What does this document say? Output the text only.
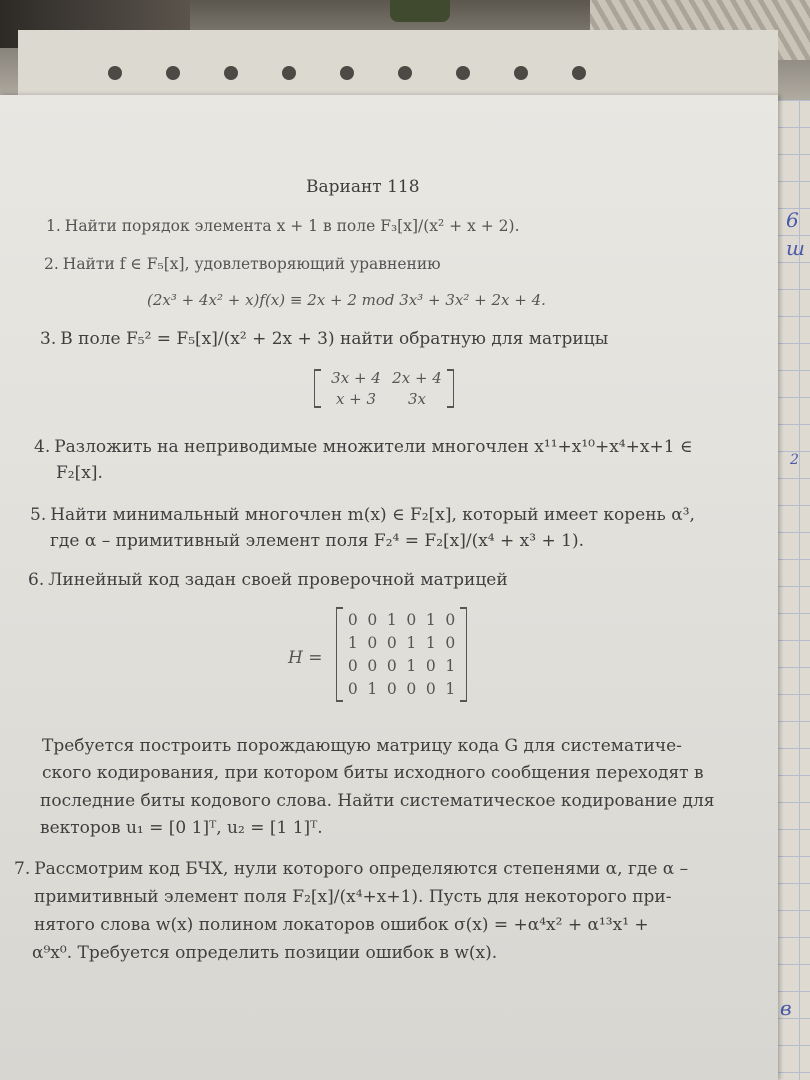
6
ш
2
в
Вариант 118
1. Найти порядок элемента x + 1 в поле F₃[x]/(x² + x + 2).
2. Найти f ∈ F₅[x], удовлетворяющий уравнению
(2x³ + 4x² + x)f(x) ≡ 2x + 2 mod 3x³ + 3x² + 2x + 4.
3. В поле F₅² = F₅[x]/(x² + 2x + 3) найти обратную для матрицы
3x + 4 2x + 4
x + 3	3x
4. Разложить на неприводимые множители многочлен x¹¹+x¹⁰+x⁴+x+1 ∈
F₂[x].
5. Найти минимальный многочлен m(x) ∈ F₂[x], который имеет корень α³,
где α – примитивный элемент поля F₂⁴ = F₂[x]/(x⁴ + x³ + 1).
6. Линейный код задан своей проверочной матрицей
H =
0 0 1 0 1 0
1 0 0 1 1 0
0 0 0 1 0 1
0 1 0 0 0 1
Требуется построить порождающую матрицу кода G для систематиче-
ского кодирования, при котором биты исходного сообщения переходят в
последние биты кодового слова. Найти систематическое кодирование для
векторов u₁ = [0 1]ᵀ, u₂ = [1 1]ᵀ.
7. Рассмотрим код БЧХ, нули которого определяются степенями α, где α –
примитивный элемент поля F₂[x]/(x⁴+x+1). Пусть для некоторого при-
нятого слова w(x) полином локаторов ошибок σ(x) = +α⁴x² + α¹³x¹ +
α⁹x⁰. Требуется определить позиции ошибок в w(x).
